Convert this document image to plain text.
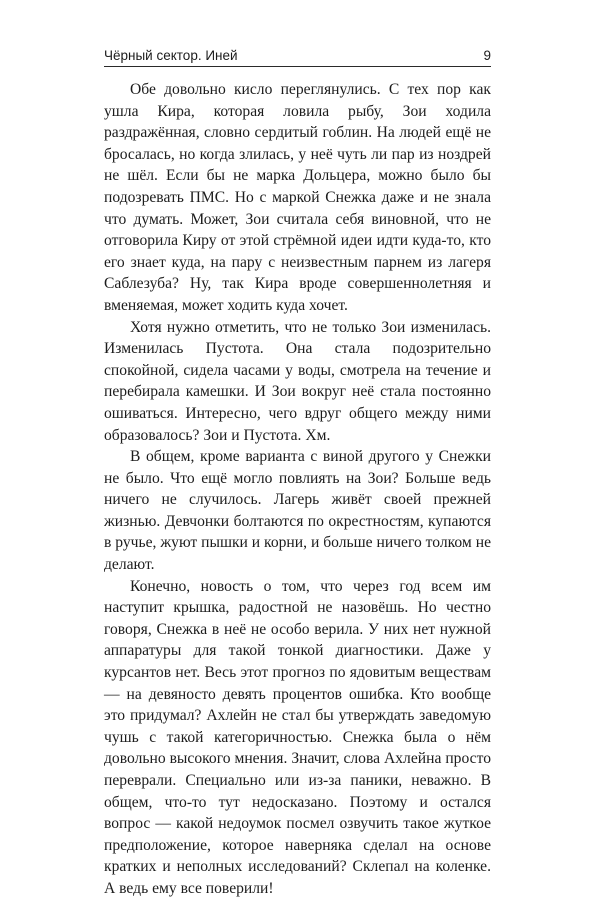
Чёрный сектор. Иней	9

Обе довольно кисло переглянулись. С тех пор как ушла Кира, которая ловила рыбу, Зои ходила раздражённая, словно сердитый гоблин. На людей ещё не бросалась, но когда злилась, у неё чуть ли пар из ноздрей не шёл. Если бы не марка Дольцера, можно было бы подозревать ПМС. Но с маркой Снежка даже и не знала что думать. Может, Зои считала себя виновной, что не отговорила Киру от этой стрёмной идеи идти куда-то, кто его знает куда, на пару с неизвестным парнем из лагеря Саблезуба? Ну, так Кира вроде совершеннолетняя и вменяемая, может ходить куда хочет.

Хотя нужно отметить, что не только Зои изменилась. Изменилась Пустота. Она стала подозрительно спокойной, сидела часами у воды, смотрела на течение и перебирала камешки. И Зои вокруг неё стала постоянно ошиваться. Интересно, чего вдруг общего между ними образовалось? Зои и Пустота. Хм.

В общем, кроме варианта с виной другого у Снежки не было. Что ещё могло повлиять на Зои? Больше ведь ничего не случилось. Лагерь живёт своей прежней жизнью. Девчонки болтаются по окрестностям, купаются в ручье, жуют пышки и корни, и больше ничего толком не делают.

Конечно, новость о том, что через год всем им наступит крышка, радостной не назовёшь. Но честно говоря, Снежка в неё не особо верила. У них нет нужной аппаратуры для такой тонкой диагностики. Даже у курсантов нет. Весь этот прогноз по ядовитым веществам — на девяносто девять процентов ошибка. Кто вообще это придумал? Ахлейн не стал бы утверждать заведомую чушь с такой категоричностью. Снежка была о нём довольно высокого мнения. Значит, слова Ахлейна просто переврали. Специально или из-за паники, неважно. В общем, что-то тут недосказано. Поэтому и остался вопрос — какой недоумок посмел озвучить такое жуткое предположение, которое наверняка сделал на основе кратких и неполных исследований? Склепал на коленке. А ведь ему все поверили!
